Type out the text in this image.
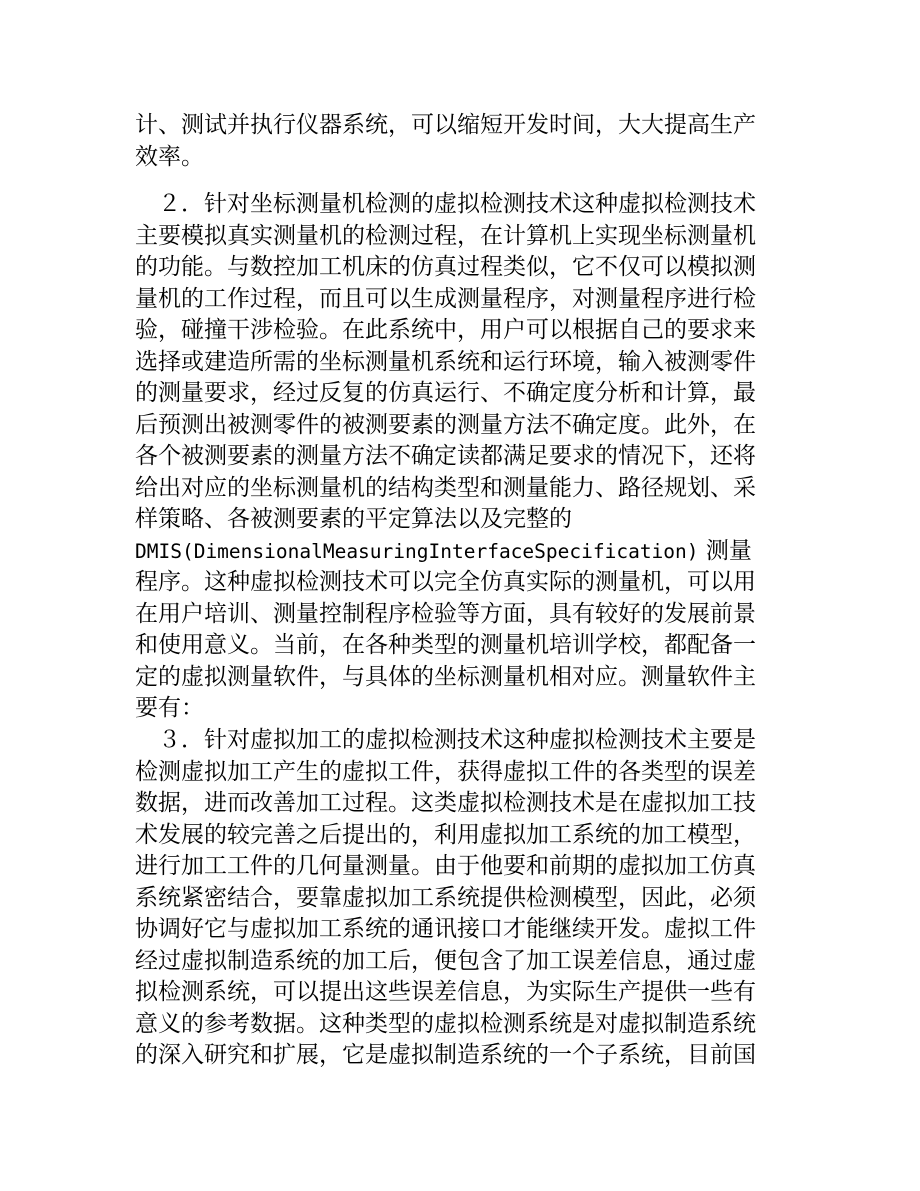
计、测试并执行仪器系统，可以缩短开发时间，大大提高生产
效率。
　２．针对坐标测量机检测的虚拟检测技术这种虚拟检测技术
主要模拟真实测量机的检测过程，在计算机上实现坐标测量机
的功能。与数控加工机床的仿真过程类似，它不仅可以模拟测
量机的工作过程，而且可以生成测量程序，对测量程序进行检
验，碰撞干涉检验。在此系统中，用户可以根据自己的要求来
选择或建造所需的坐标测量机系统和运行环境，输入被测零件
的测量要求，经过反复的仿真运行、不确定度分析和计算，最
后预测出被测零件的被测要素的测量方法不确定度。此外，在
各个被测要素的测量方法不确定读都满足要求的情况下，还将
给出对应的坐标测量机的结构类型和测量能力、路径规划、采
样策略、各被测要素的平定算法以及完整的
DMIS(DimensionalMeasuringInterfaceSpecification) 测量
程序。这种虚拟检测技术可以完全仿真实际的测量机，可以用
在用户培训、测量控制程序检验等方面，具有较好的发展前景
和使用意义。当前，在各种类型的测量机培训学校，都配备一
定的虚拟测量软件，与具体的坐标测量机相对应。测量软件主
要有：
　３．针对虚拟加工的虚拟检测技术这种虚拟检测技术主要是
检测虚拟加工产生的虚拟工件，获得虚拟工件的各类型的误差
数据，进而改善加工过程。这类虚拟检测技术是在虚拟加工技
术发展的较完善之后提出的，利用虚拟加工系统的加工模型，
进行加工工件的几何量测量。由于他要和前期的虚拟加工仿真
系统紧密结合，要靠虚拟加工系统提供检测模型，因此，必须
协调好它与虚拟加工系统的通讯接口才能继续开发。虚拟工件
经过虚拟制造系统的加工后，便包含了加工误差信息，通过虚
拟检测系统，可以提出这些误差信息，为实际生产提供一些有
意义的参考数据。这种类型的虚拟检测系统是对虚拟制造系统
的深入研究和扩展，它是虚拟制造系统的一个子系统，目前国
